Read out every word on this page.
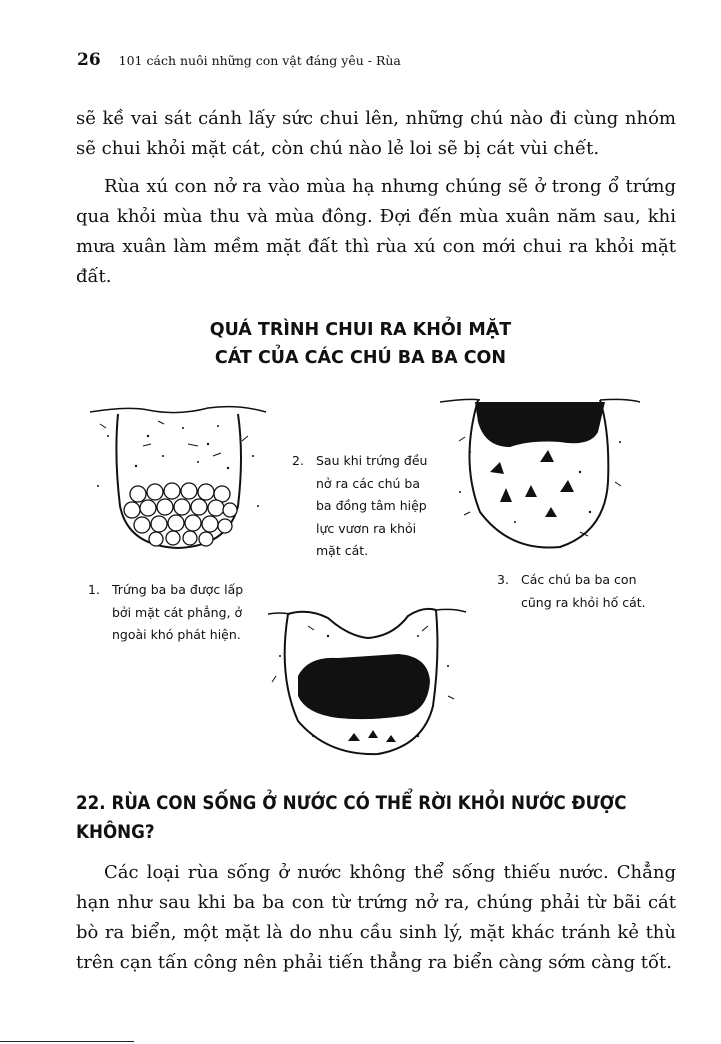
26 101 cách nuôi những con vật đáng yêu - Rùa

sẽ kề vai sát cánh lấy sức chui lên, những chú nào đi cùng nhóm sẽ chui khỏi mặt cát, còn chú nào lẻ loi sẽ bị cát vùi chết.

Rùa xú con nở ra vào mùa hạ nhưng chúng sẽ ở trong ổ trứng qua khỏi mùa thu và mùa đông. Đợi đến mùa xuân năm sau, khi mưa xuân làm mềm mặt đất thì rùa xú con mới chui ra khỏi mặt đất.

QUÁ TRÌNH CHUI RA KHỎI MẶT
CÁT CỦA CÁC CHÚ BA BA CON

1. Trứng ba ba được lấp bởi mặt cát phẳng, ở ngoài khó phát hiện.

2. Sau khi trứng đều nở ra các chú ba ba đồng tâm hiệp lực vươn ra khỏi mặt cát.

3. Các chú ba ba con cũng ra khỏi hố cát.

22. RÙA CON SỐNG Ở NƯỚC CÓ THỂ RỜI KHỎI NƯỚC ĐƯỢC KHÔNG?

Các loại rùa sống ở nước không thể sống thiếu nước. Chẳng hạn như sau khi ba ba con từ trứng nở ra, chúng phải từ bãi cát bò ra biển, một mặt là do nhu cầu sinh lý, mặt khác tránh kẻ thù trên cạn tấn công nên phải tiến thẳng ra biển càng sớm càng tốt.
